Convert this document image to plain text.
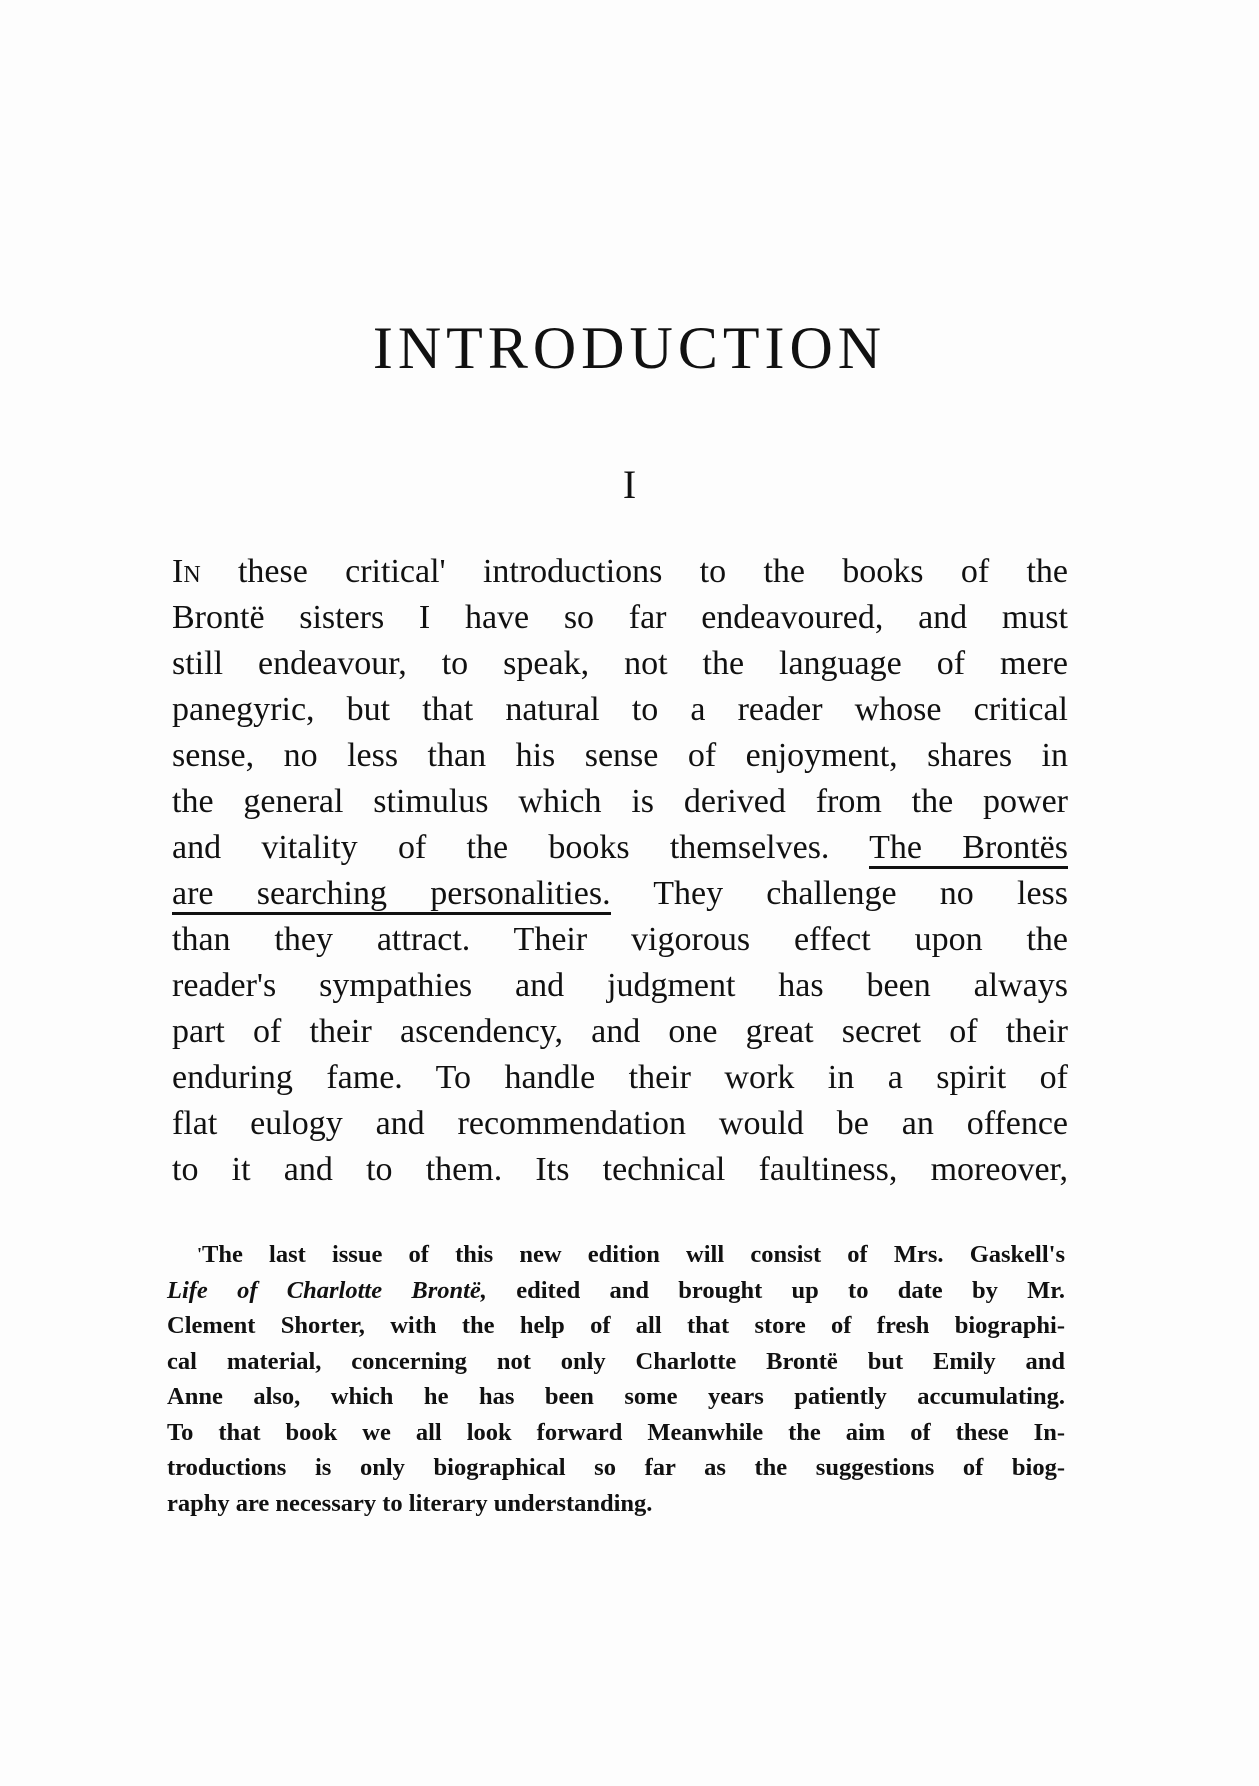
INTRODUCTION
I
In these critical' introductions to the books of the
Brontë sisters I have so far endeavoured, and must
still endeavour, to speak, not the language of mere
panegyric, but that natural to a reader whose critical
sense, no less than his sense of enjoyment, shares in
the general stimulus which is derived from the power
and vitality of the books themselves. The Brontës
are searching personalities. They challenge no less
than they attract. Their vigorous effect upon the
reader's sympathies and judgment has been always
part of their ascendency, and one great secret of their
enduring fame. To handle their work in a spirit of
flat eulogy and recommendation would be an offence
to it and to them. Its technical faultiness, moreover,
'The last issue of this new edition will consist of Mrs. Gaskell's
Life of Charlotte Brontë, edited and brought up to date by Mr.
Clement Shorter, with the help of all that store of fresh biographi-
cal material, concerning not only Charlotte Brontë but Emily and
Anne also, which he has been some years patiently accumulating.
To that book we all look forward Meanwhile the aim of these In-
troductions is only biographical so far as the suggestions of biog-
raphy are necessary to literary understanding.
